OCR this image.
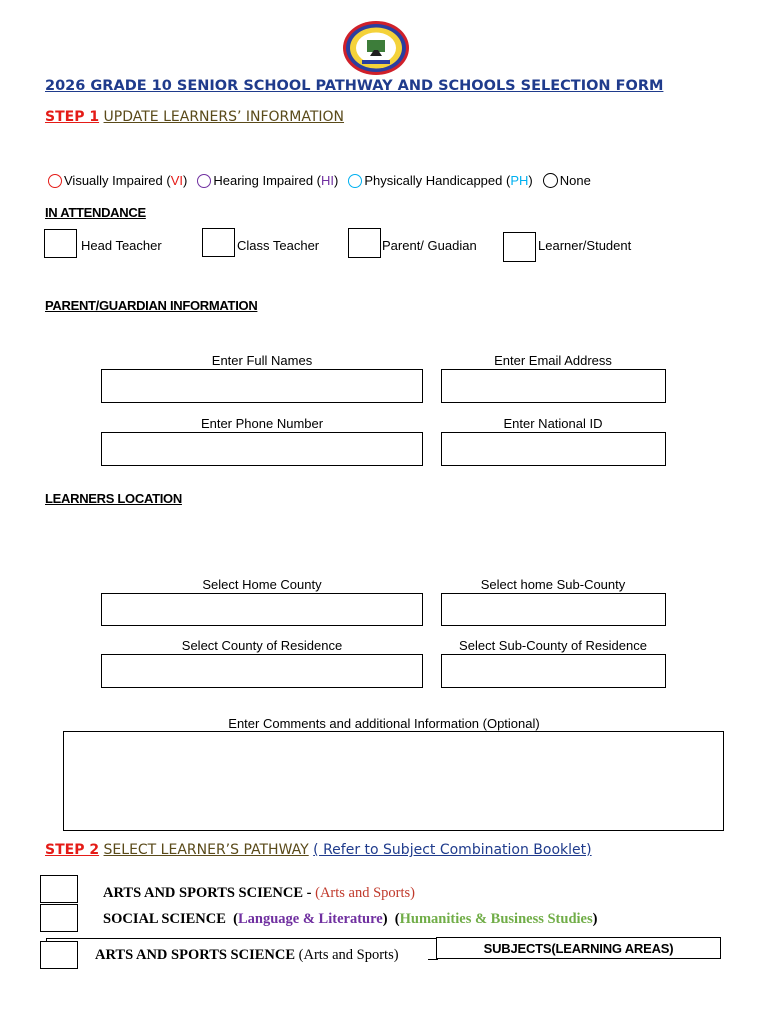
2026 GRADE 10 SENIOR SCHOOL PATHWAY AND SCHOOLS SELECTION FORM
STEP 1 UPDATE LEARNERS’ INFORMATION
Visually Impaired ( VI ) Hearing Impaired ( HI ) Physically Handicapped ( PH ) None
IN ATTENDANCE
Head Teacher	Class Teacher	Parent/ Guadian	Learner/Student
PARENT/GUARDIAN INFORMATION
Enter Full Names	Enter Email Address
Enter Phone Number	Enter National ID
LEARNERS LOCATION
Select Home County	Select home Sub-County
Select County of Residence	Select Sub-County of Residence
Enter Comments and additional Information (Optional)
STEP 2 SELECT LEARNER’S PATHWAY ( Refer to Subject Combination Booklet)
ARTS AND SPORTS SCIENCE - (Arts and Sports)
SOCIAL SCIENCE (Language & Literature) (Humanities & Business Studies)
ARTS AND SPORTS SCIENCE (Arts and Sports)	SUBJECTS(LEARNING AREAS)
